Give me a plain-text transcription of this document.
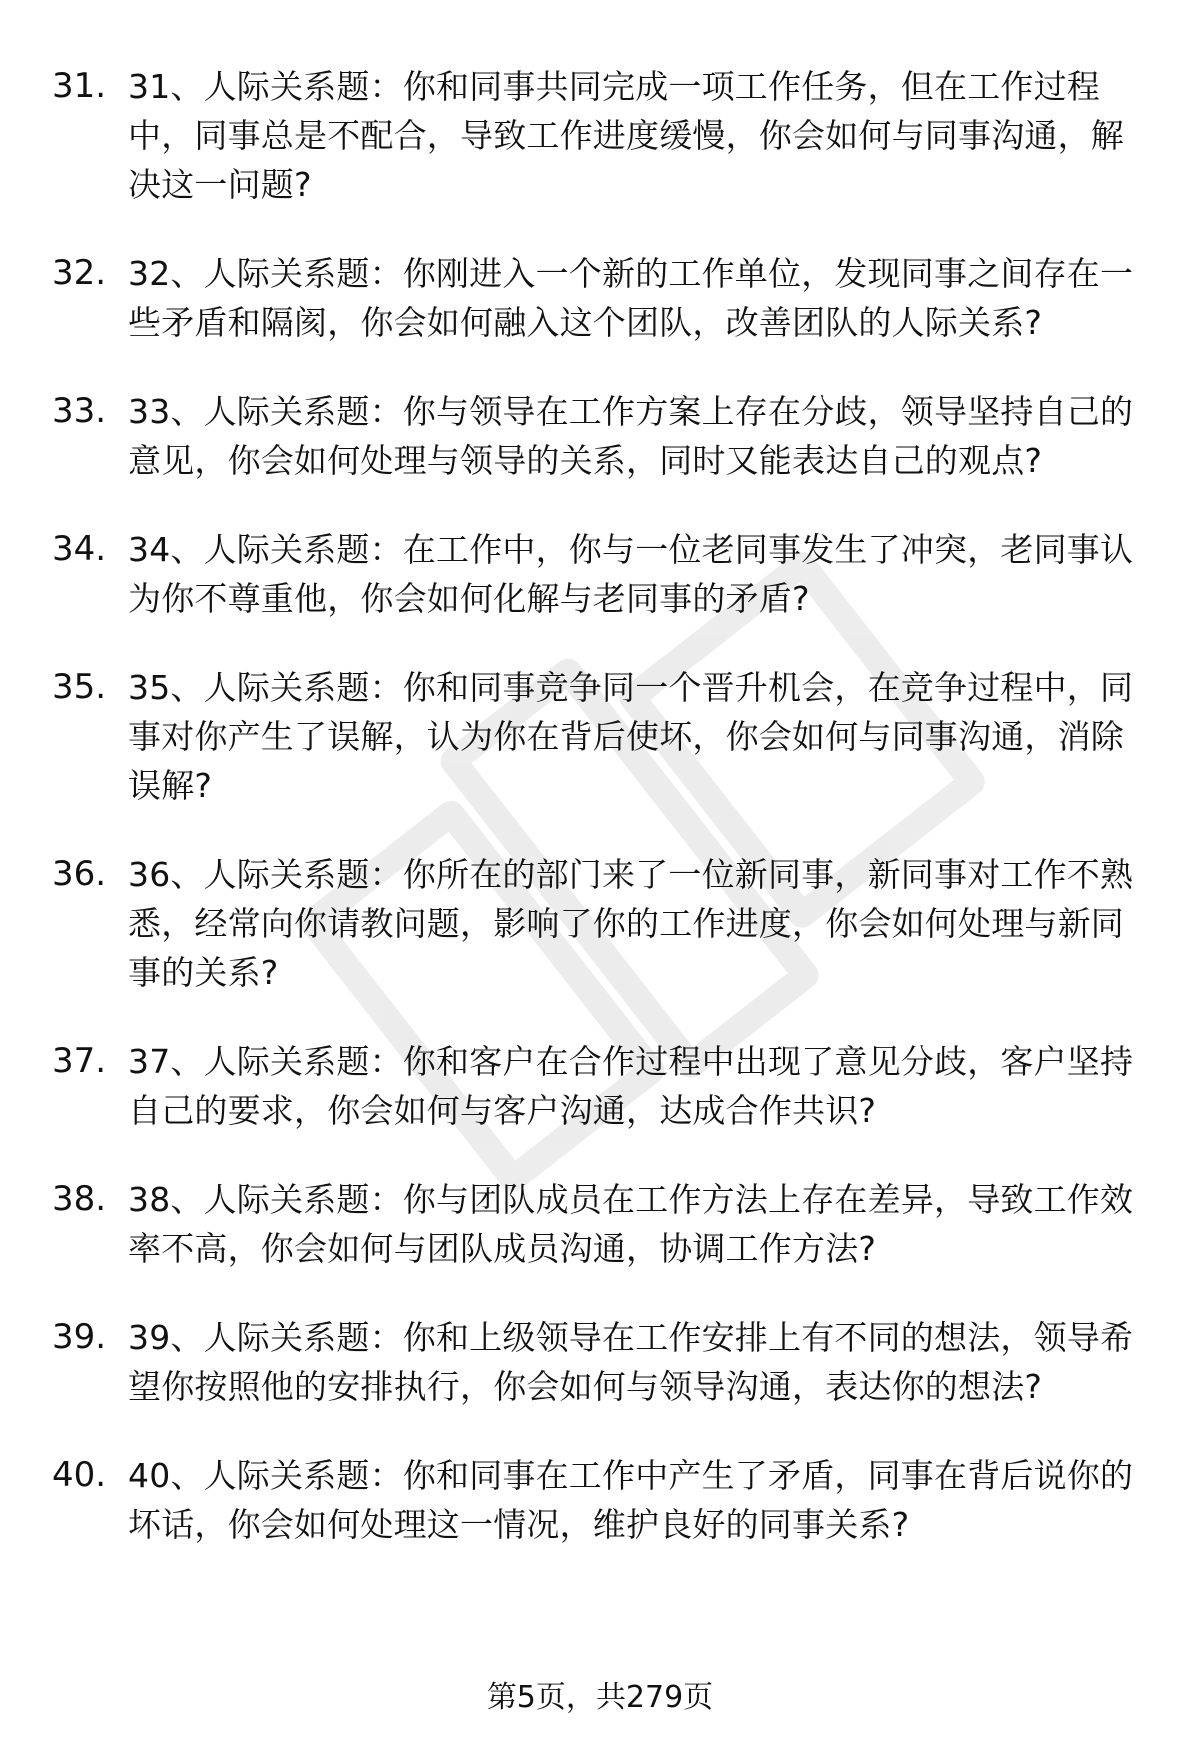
31. 31、人际关系题：你和同事共同完成一项工作任务，但在工作过程中，同事总是不配合，导致工作进度缓慢，你会如何与同事沟通，解决这一问题?
32. 32、人际关系题：你刚进入一个新的工作单位，发现同事之间存在一些矛盾和隔阂，你会如何融入这个团队，改善团队的人际关系?
33. 33、人际关系题：你与领导在工作方案上存在分歧，领导坚持自己的意见，你会如何处理与领导的关系，同时又能表达自己的观点?
34. 34、人际关系题：在工作中，你与一位老同事发生了冲突，老同事认为你不尊重他，你会如何化解与老同事的矛盾?
35. 35、人际关系题：你和同事竞争同一个晋升机会，在竞争过程中，同事对你产生了误解，认为你在背后使坏，你会如何与同事沟通，消除误解?
36. 36、人际关系题：你所在的部门来了一位新同事，新同事对工作不熟悉，经常向你请教问题，影响了你的工作进度，你会如何处理与新同事的关系?
37. 37、人际关系题：你和客户在合作过程中出现了意见分歧，客户坚持自己的要求，你会如何与客户沟通，达成合作共识?
38. 38、人际关系题：你与团队成员在工作方法上存在差异，导致工作效率不高，你会如何与团队成员沟通，协调工作方法?
39. 39、人际关系题：你和上级领导在工作安排上有不同的想法，领导希望你按照他的安排执行，你会如何与领导沟通，表达你的想法?
40. 40、人际关系题：你和同事在工作中产生了矛盾，同事在背后说你的坏话，你会如何处理这一情况，维护良好的同事关系?
第5页，共279页
